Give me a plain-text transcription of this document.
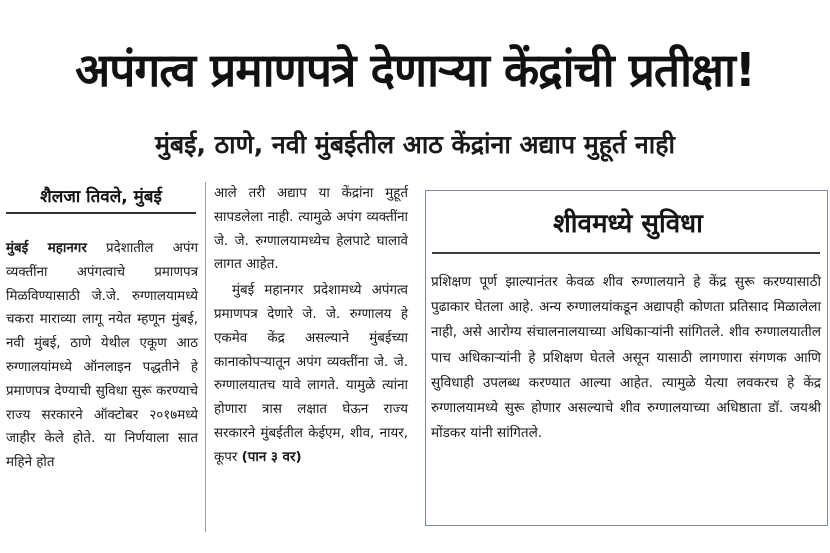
अपंगत्व प्रमाणपत्रे देणाऱ्या केंद्रांची प्रतीक्षा!
मुंबई, ठाणे, नवी मुंबईतील आठ केंद्रांना अद्याप मुहूर्त नाही
शैलजा तिवले, मुंबई

मुंबई महानगर प्रदेशातील अपंग व्यक्तींना अपंगत्वाचे प्रमाणपत्र मिळविण्यासाठी जे.जे. रुग्णालयामध्ये चकरा माराव्या लागू नयेत म्हणून मुंबई, नवी मुंबई, ठाणे येथील एकूण आठ रुग्णालयांमध्ये ऑनलाइन पद्धतीने हे प्रमाणपत्र देण्याची सुविधा सुरू करण्याचे राज्य सरकारने ऑक्टोबर २०१७मध्ये जाहीर केले होते. या निर्णयाला सात महिने होत

आले तरी अद्याप या केंद्रांना मुहूर्त सापडलेला नाही. त्यामुळे अपंग व्यक्तींना जे. जे. रुग्णालयामध्येच हेलपाटे घालावे लागत आहेत.

मुंबई महानगर प्रदेशामध्ये अपंगत्व प्रमाणपत्र देणारे जे. जे. रुग्णालय हे एकमेव केंद्र असल्याने मुंबईच्या कानाकोपऱ्यातून अपंग व्यक्तींना जे. जे. रुग्णालयातच यावे लागते. यामुळे त्यांना होणारा त्रास लक्षात घेऊन राज्य सरकारने मुंबईतील केईएम, शीव, नायर, कूपर (पान ३ वर)

शीवमध्ये सुविधा

प्रशिक्षण पूर्ण झाल्यानंतर केवळ शीव रुग्णालयाने हे केंद्र सुरू करण्यासाठी पुढाकार घेतला आहे. अन्य रुग्णालयांकडून अद्यापही कोणता प्रतिसाद मिळालेला नाही, असे आरोग्य संचालनालयाच्या अधिकाऱ्यांनी सांगितले. शीव रुग्णालयातील पाच अधिकाऱ्यांनी हे प्रशिक्षण घेतले असून यासाठी लागणारा संगणक आणि सुविधाही उपलब्ध करण्यात आल्या आहेत. त्यामुळे येत्या लवकरच हे केंद्र रुग्णालयामध्ये सुरू होणार असल्याचे शीव रुग्णालयाच्या अधिष्ठाता डॉ. जयश्री मोंडकर यांनी सांगितले.
